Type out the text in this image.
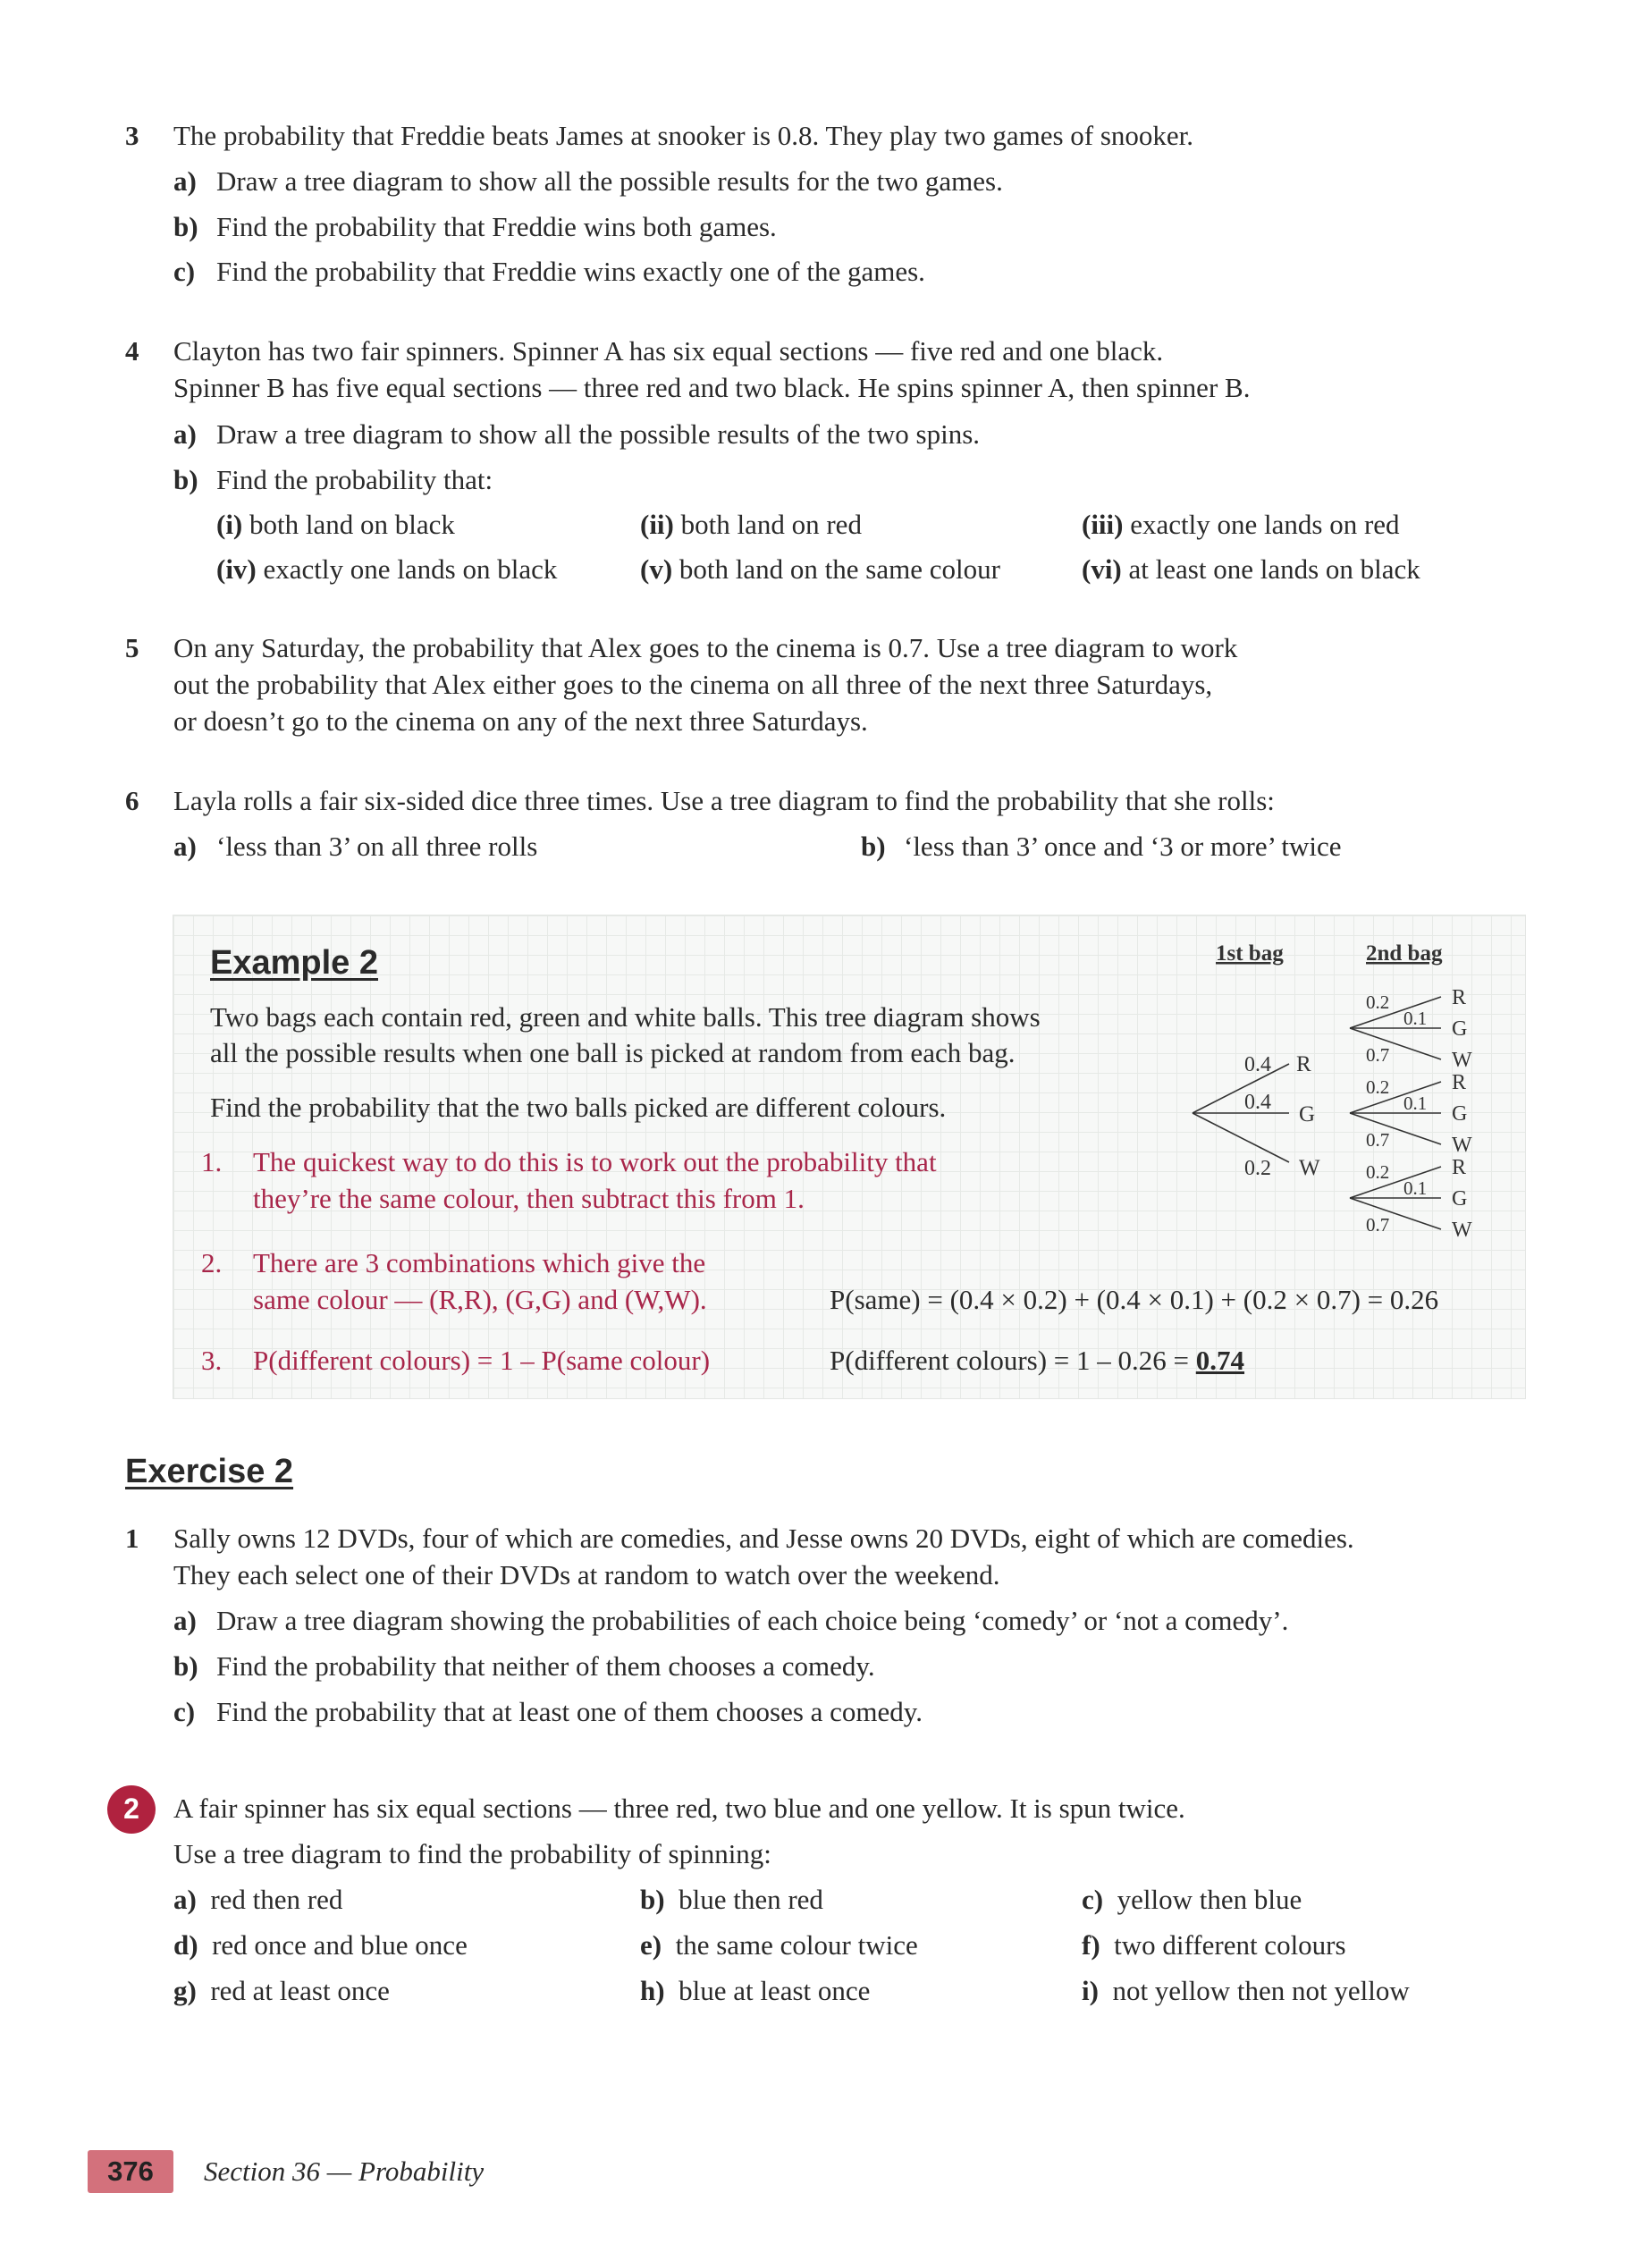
3 The probability that Freddie beats James at snooker is 0.8. They play two games of snooker.
a) Draw a tree diagram to show all the possible results for the two games.
b) Find the probability that Freddie wins both games.
c) Find the probability that Freddie wins exactly one of the games.
4 Clayton has two fair spinners. Spinner A has six equal sections — five red and one black.
Spinner B has five equal sections — three red and two black. He spins spinner A, then spinner B.
a) Draw a tree diagram to show all the possible results of the two spins.
b) Find the probability that:
(i) both land on black	(ii) both land on red	(iii) exactly one lands on red
(iv) exactly one lands on black	(v) both land on the same colour	(vi) at least one lands on black
5 On any Saturday, the probability that Alex goes to the cinema is 0.7. Use a tree diagram to work
out the probability that Alex either goes to the cinema on all three of the next three Saturdays,
or doesn’t go to the cinema on any of the next three Saturdays.
6 Layla rolls a fair six-sided dice three times. Use a tree diagram to find the probability that she rolls:
a) ‘less than 3’ on all three rolls	b) ‘less than 3’ once and ‘3 or more’ twice
Example 2
Two bags each contain red, green and white balls. This tree diagram shows
all the possible results when one ball is picked at random from each bag.
Find the probability that the two balls picked are different colours.
1. The quickest way to do this is to work out the probability that
they’re the same colour, then subtract this from 1.
2. There are 3 combinations which give the
same colour — (R,R), (G,G) and (W,W).	P(same) = (0.4 × 0.2) + (0.4 × 0.1) + (0.2 × 0.7) = 0.26
3. P(different colours) = 1 – P(same colour)	P(different colours) = 1 – 0.26 = 0.74
1st bag	2nd bag
0.4 R
0.4 G
0.2 W
0.2
0.1
0.7
R
G
W
0.2
0.1
0.7
R
G
W
0.2
0.1
0.7
R
G
W
Exercise 2
1 Sally owns 12 DVDs, four of which are comedies, and Jesse owns 20 DVDs, eight of which are comedies.
They each select one of their DVDs at random to watch over the weekend.
a) Draw a tree diagram showing the probabilities of each choice being ‘comedy’ or ‘not a comedy’.
b) Find the probability that neither of them chooses a comedy.
c) Find the probability that at least one of them chooses a comedy.
2	A fair spinner has six equal sections — three red, two blue and one yellow. It is spun twice.
Use a tree diagram to find the probability of spinning:
a) red then red	b) blue then red	c) yellow then blue
d) red once and blue once	e) the same colour twice	f) two different colours
g) red at least once	h) blue at least once	i) not yellow then not yellow
376	Section 36 — Probability
